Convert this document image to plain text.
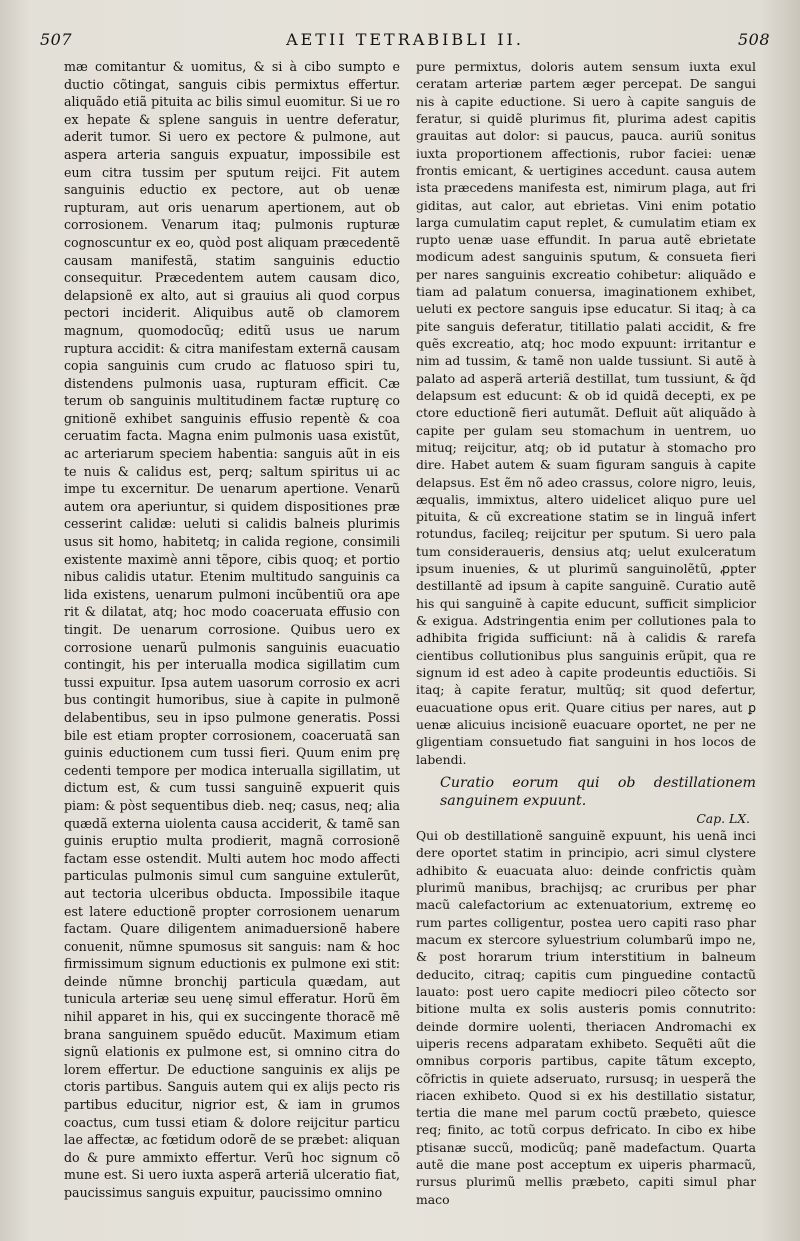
507	AETII TETRABIBLI II.	508

mæ comitantur & uomitus, & si à cibo sumpto e ductio cõtingat, sanguis cibis permixtus effertur. aliquãdo etiã pituita ac bilis simul euomitur. Si ue ro ex hepate & splene sanguis in uentre deferatur, aderit tumor. Si uero ex pectore & pulmone, aut aspera arteria sanguis expuatur, impossibile est eum citra tussim per sputum reijci. Fit autem sanguinis eductio ex pectore, aut ob uenæ rupturam, aut oris uenarum apertionem, aut ob corrosionem. Venarum itaq; pulmonis rupturæ cognoscuntur ex eo, quòd post aliquam præcedentẽ causam manifestã, statim sanguinis eductio consequitur. Præcedentem autem causam dico, delapsionẽ ex alto, aut si grauius ali quod corpus pectori inciderit. Aliquibus autẽ ob clamorem magnum, quomodocũq; editũ usus ue narum ruptura accidit: & citra manifestam externã causam copia sanguinis cum crudo ac flatuoso spiri tu, distendens pulmonis uasa, rupturam efficit. Cæ terum ob sanguinis multitudinem factæ rupturę co gnitionẽ exhibet sanguinis effusio repentè & coa ceruatim facta. Magna enim pulmonis uasa existũt, ac arteriarum speciem habentia: sanguis aũt in eis te nuis & calidus est, perq; saltum spiritus ui ac impe tu excernitur. De uenarum apertione. Venarũ autem ora aperiuntur, si quidem dispositiones præ cesserint calidæ: ueluti si calidis balneis plurimis usus sit homo, habitetq; in calida regione, consimili existente maximè anni tẽpore, cibis quoq; et portio nibus calidis utatur. Etenim multitudo sanguinis ca lida existens, uenarum pulmoni incũbentiũ ora ape rit & dilatat, atq; hoc modo coaceruata effusio con tingit. De uenarum corrosione. Quibus uero ex corrosione uenarũ pulmonis sanguinis euacuatio contingit, his per interualla modica sigillatim cum tussi expuitur. Ipsa autem uasorum corrosio ex acri bus contingit humoribus, siue à capite in pulmonẽ delabentibus, seu in ipso pulmone generatis. Possi bile est etiam propter corrosionem, coaceruatã san guinis eductionem cum tussi fieri. Quum enim prę cedenti tempore per modica interualla sigillatim, ut dictum est, & cum tussi sanguinẽ expuerit quis piam: & pòst sequentibus dieb. neq; casus, neq; alia quædã externa uiolenta causa acciderit, & tamẽ san guinis eruptio multa prodierit, magnã corrosionẽ factam esse ostendit. Multi autem hoc modo affecti particulas pulmonis simul cum sanguine extulerũt, aut tectoria ulceribus obducta. Impossibile itaque est latere eductionẽ propter corrosionem uenarum factam. Quare diligentem animaduersionẽ habere conuenit, nũmne spumosus sit sanguis: nam & hoc firmissimum signum eductionis ex pulmone exi stit: deinde nũmne bronchij particula quædam, aut tunicula arteriæ seu uenę simul efferatur. Horũ ẽm nihil apparet in his, qui ex succingente thoracẽ mẽ brana sanguinem spuẽdo educũt. Maximum etiam signũ elationis ex pulmone est, si omnino citra do lorem effertur. De eductione sanguinis ex alijs pe ctoris partibus. Sanguis autem qui ex alijs pecto ris partibus educitur, nigrior est, & iam in grumos coactus, cum tussi etiam & dolore reijcitur particu lae affectæ, ac fœtidum odorẽ de se præbet: aliquan do & pure ammixto effertur. Verũ hoc signum cõ mune est. Si uero iuxta asperã arteriã ulceratio fiat, paucissimus sanguis expuitur, paucissimo omnino

pure permixtus, doloris autem sensum iuxta exul ceratam arteriæ partem æger percepat. De sangui nis à capite eductione. Si uero à capite sanguis de feratur, si quidẽ plurimus fit, plurima adest capitis grauitas aut dolor: si paucus, pauca. auriũ sonitus iuxta proportionem affectionis, rubor faciei: uenæ frontis emicant, & uertigines accedunt. causa autem ista præcedens manifesta est, nimirum plaga, aut fri giditas, aut calor, aut ebrietas. Vini enim potatio larga cumulatim caput replet, & cumulatim etiam ex rupto uenæ uase effundit. In parua autẽ ebrietate modicum adest sanguinis sputum, & consueta fieri per nares sanguinis excreatio cohibetur: aliquãdo e tiam ad palatum conuersa, imaginationem exhibet, ueluti ex pectore sanguis ipse educatur. Si itaq; à ca pite sanguis deferatur, titillatio palati accidit, & fre quẽs excreatio, atq; hoc modo expuunt: irritantur e nim ad tussim, & tamẽ non ualde tussiunt. Si autẽ à palato ad asperã arteriã destillat, tum tussiunt, & q̃d delapsum est educunt: & ob id quidã decepti, ex pe ctore eductionẽ fieri autumãt. Defluit aũt aliquãdo à capite per gulam seu stomachum in uentrem, uo mituq; reijcitur, atq; ob id putatur à stomacho pro dire. Habet autem & suam figuram sanguis à capite delapsus. Est ẽm nõ adeo crassus, colore nigro, leuis, æqualis, immixtus, altero uidelicet aliquo pure uel pituita, & cũ excreatione statim se in linguã infert rotundus, facileq; reijcitur per sputum. Si uero pala tum consideraueris, densius atq; uelut exulceratum ipsum inuenies, & ut plurimũ sanguinolẽtũ, ꝓpter destillantẽ ad ipsum à capite sanguinẽ. Curatio autẽ his qui sanguinẽ à capite educunt, sufficit simplicior & exigua. Adstringentia enim per collutiones pala to adhibita frigida sufficiunt: nã à calidis & rarefa cientibus collutionibus plus sanguinis erũpit, qua re signum id est adeo à capite prodeuntis eductiõis. Si itaq; à capite feratur, multũq; sit quod defertur, euacuatione opus erit. Quare citius per nares, aut ꝑ uenæ alicuius incisionẽ euacuare oportet, ne per ne gligentiam consuetudo fiat sanguini in hos locos de labendi.

Curatio eorum qui ob destillationem sanguinem expuunt.

Cap. LX.

Qui ob destillationẽ sanguinẽ expuunt, his uenã inci dere oportet statim in principio, acri simul clystere adhibito & euacuata aluo: deinde confrictis quàm plurimũ manibus, brachijsq; ac cruribus per phar macũ calefactorium ac extenuatorium, extremę eo rum partes colligentur, postea uero capiti raso phar macum ex stercore syluestrium columbarũ impo ne, & post horarum trium interstitium in balneum deducito, citraq; capitis cum pinguedine contactũ lauato: post uero capite mediocri pileo cõtecto sor bitione multa ex solis austeris pomis connutrito: deinde dormire uolenti, theriacen Andromachi ex uiperis recens adparatam exhibeto. Sequẽti aũt die omnibus corporis partibus, capite tãtum excepto, cõfrictis in quiete adseruato, rursusq; in uesperã the riacen exhibeto. Quod si ex his destillatio sistatur, tertia die mane mel parum coctũ præbeto, quiesce req; finito, ac totũ corpus defricato. In cibo ex hibe ptisanæ succũ, modicũq; panẽ madefactum. Quarta autẽ die mane post acceptum ex uiperis pharmacũ, rursus plurimũ mellis præbeto, capiti simul phar maco
